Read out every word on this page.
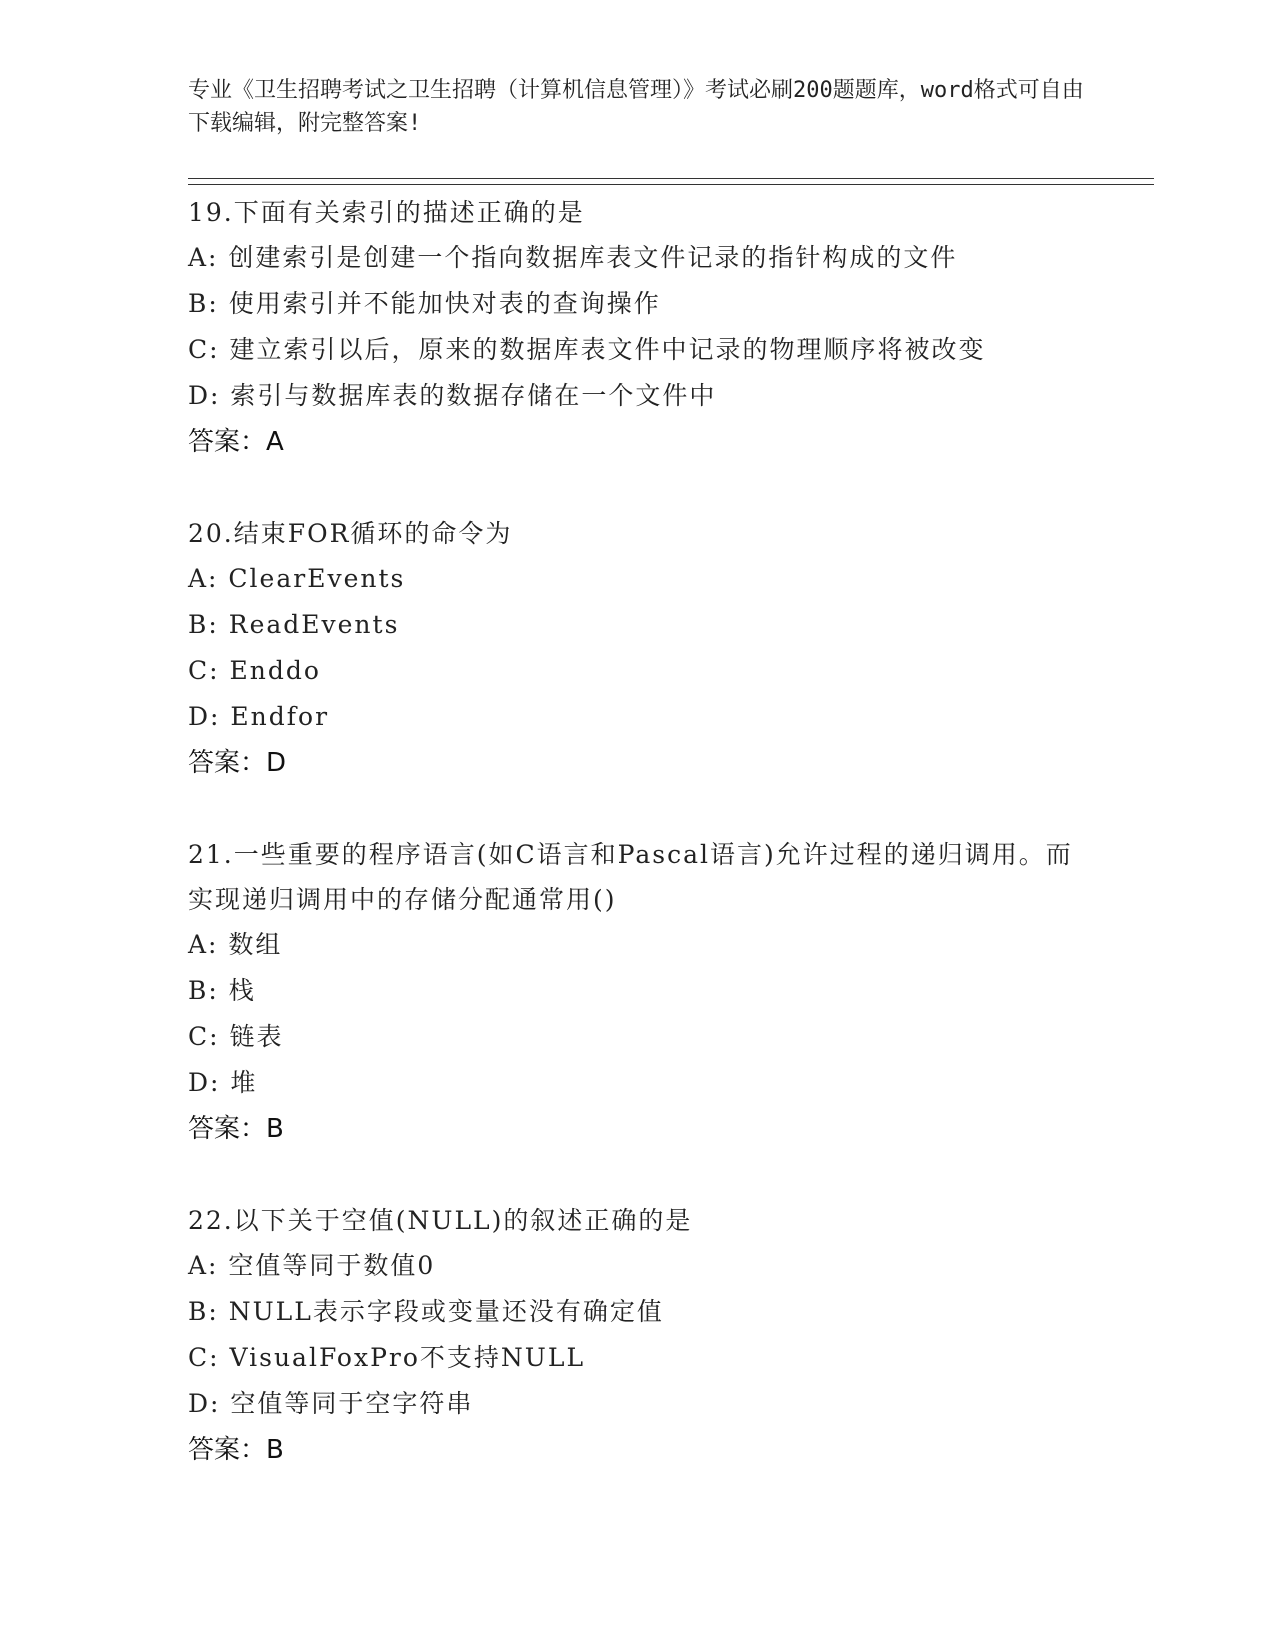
专业《卫生招聘考试之卫生招聘（计算机信息管理）》考试必刷200题题库，word格式可自由下载编辑，附完整答案!
19.下面有关索引的描述正确的是
A: 创建索引是创建一个指向数据库表文件记录的指针构成的文件
B: 使用索引并不能加快对表的查询操作
C: 建立索引以后，原来的数据库表文件中记录的物理顺序将被改变
D: 索引与数据库表的数据存储在一个文件中
答案：A
20.结束FOR循环的命令为
A: ClearEvents
B: ReadEvents
C: Enddo
D: Endfor
答案：D
21.一些重要的程序语言(如C语言和Pascal语言)允许过程的递归调用。而实现递归调用中的存储分配通常用()
A: 数组
B: 栈
C: 链表
D: 堆
答案：B
22.以下关于空值(NULL)的叙述正确的是
A: 空值等同于数值0
B: NULL表示字段或变量还没有确定值
C: VisualFoxPro不支持NULL
D: 空值等同于空字符串
答案：B
